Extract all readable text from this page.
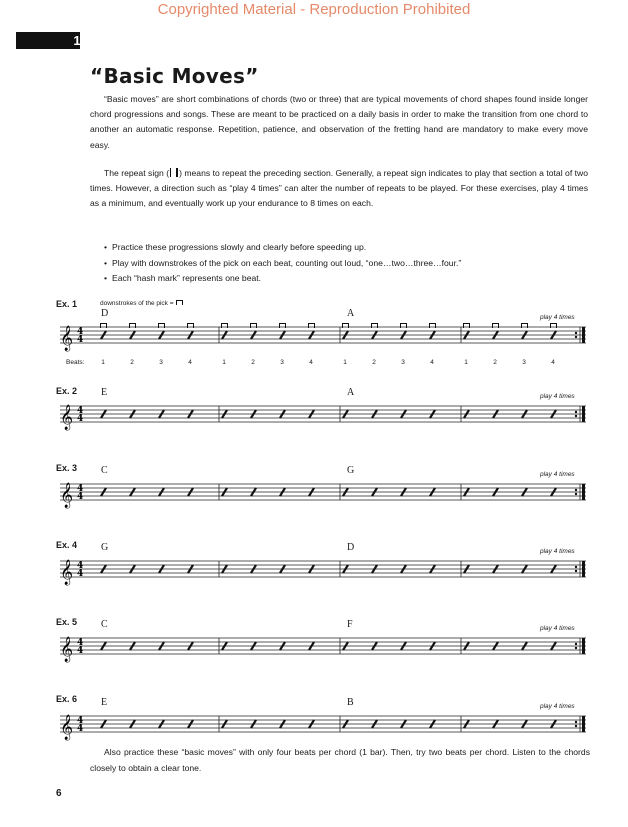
Copyrighted Material - Reproduction Prohibited
1
“Basic Moves”
“Basic moves” are short combinations of chords (two or three) that are typical movements of chord shapes found inside longer chord progressions and songs. These are meant to be practiced on a daily basis in order to make the transition from one chord to another an automatic response. Repetition, patience, and observation of the fretting hand are mandatory to make every move easy.
The repeat sign ( ) means to repeat the preceding section. Generally, a repeat sign indicates to play that section a total of two times. However, a direction such as “play 4 times” can alter the number of repeats to be played. For these exercises, play 4 times as a minimum, and eventually work up your endurance to 8 times on each.
• Practice these progressions slowly and clearly before speeding up.
• Play with downstrokes of the pick on each beat, counting out loud, “one…two…three…four.”
• Each “hash mark” represents one beat.
downstrokes of the pick =
Beats:
Ex. 1
D	A	play 4 times
𝄞 4
4
Ex. 2 E	A	play 4 times
𝄞 4
4
Ex. 3 C	G	play 4 times
𝄞 4
4
Ex. 4 G	D	play 4 times
𝄞 4
4
Ex. 5 C	F	play 4 times
𝄞 4
4
Ex. 6 E	B	play 4 times
𝄞 4
4
1	2	3	4	1	2	3	4	1	2	3	4	1	2	3	4
Also practice these “basic moves” with only four beats per chord (1 bar). Then, try two beats per chord. Listen to the chords closely to obtain a clear tone.
6
